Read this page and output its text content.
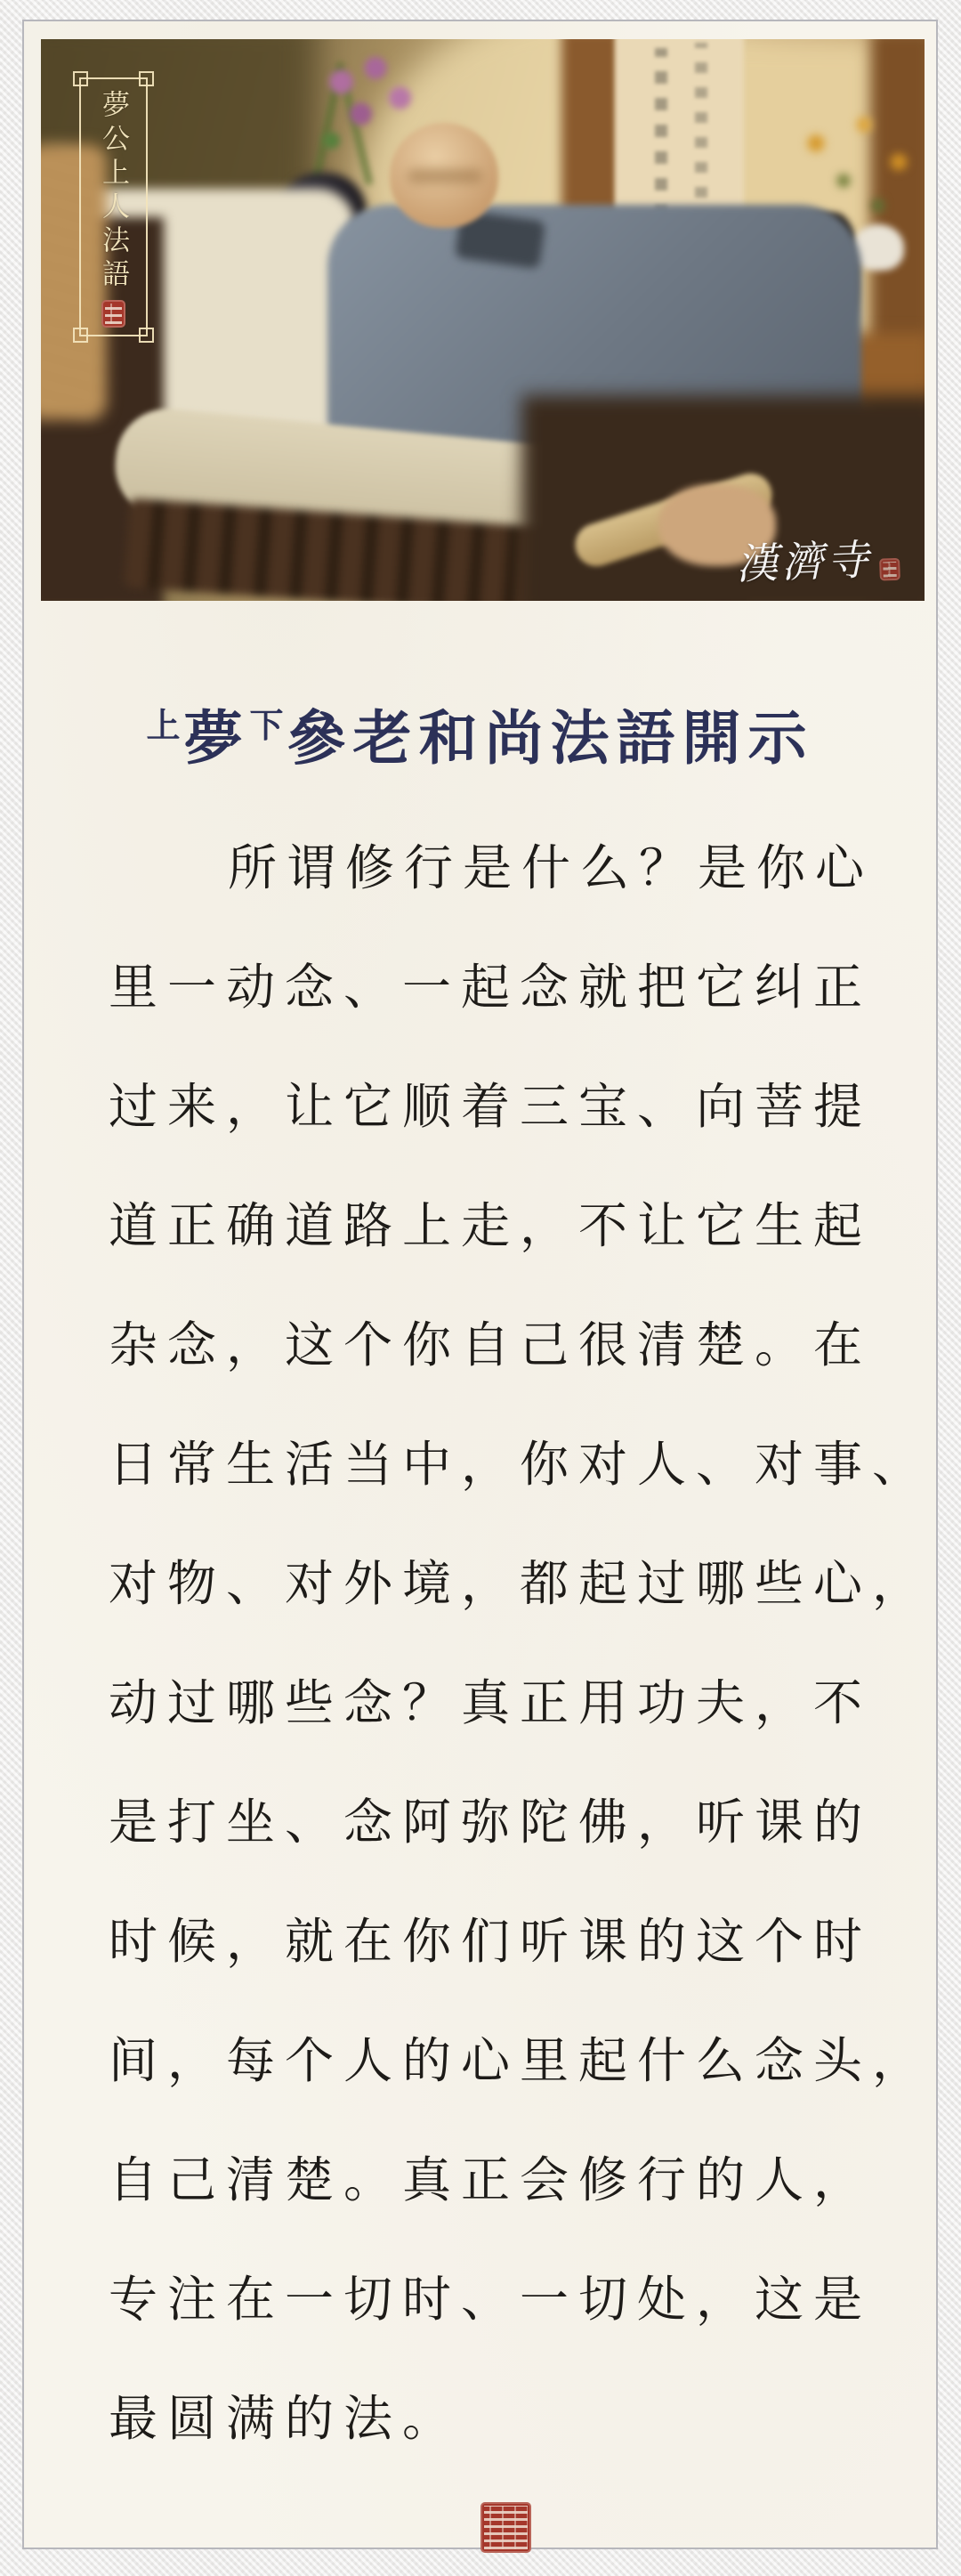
夢公上人法語
漢濟寺
$^上$夢$^下$參老和尚法語開示
所谓修行是什么？是你心
里一动念、一起念就把它纠正
过来，让它顺着三宝、向菩提
道正确道路上走，不让它生起
杂念，这个你自己很清楚。在
日常生活当中，你对人、对事、
对物、对外境，都起过哪些心，
动过哪些念？真正用功夫，不
是打坐、念阿弥陀佛，听课的
时候，就在你们听课的这个时
间，每个人的心里起什么念头，
自己清楚。真正会修行的人，
专注在一切时、一切处，这是
最圆满的法。
